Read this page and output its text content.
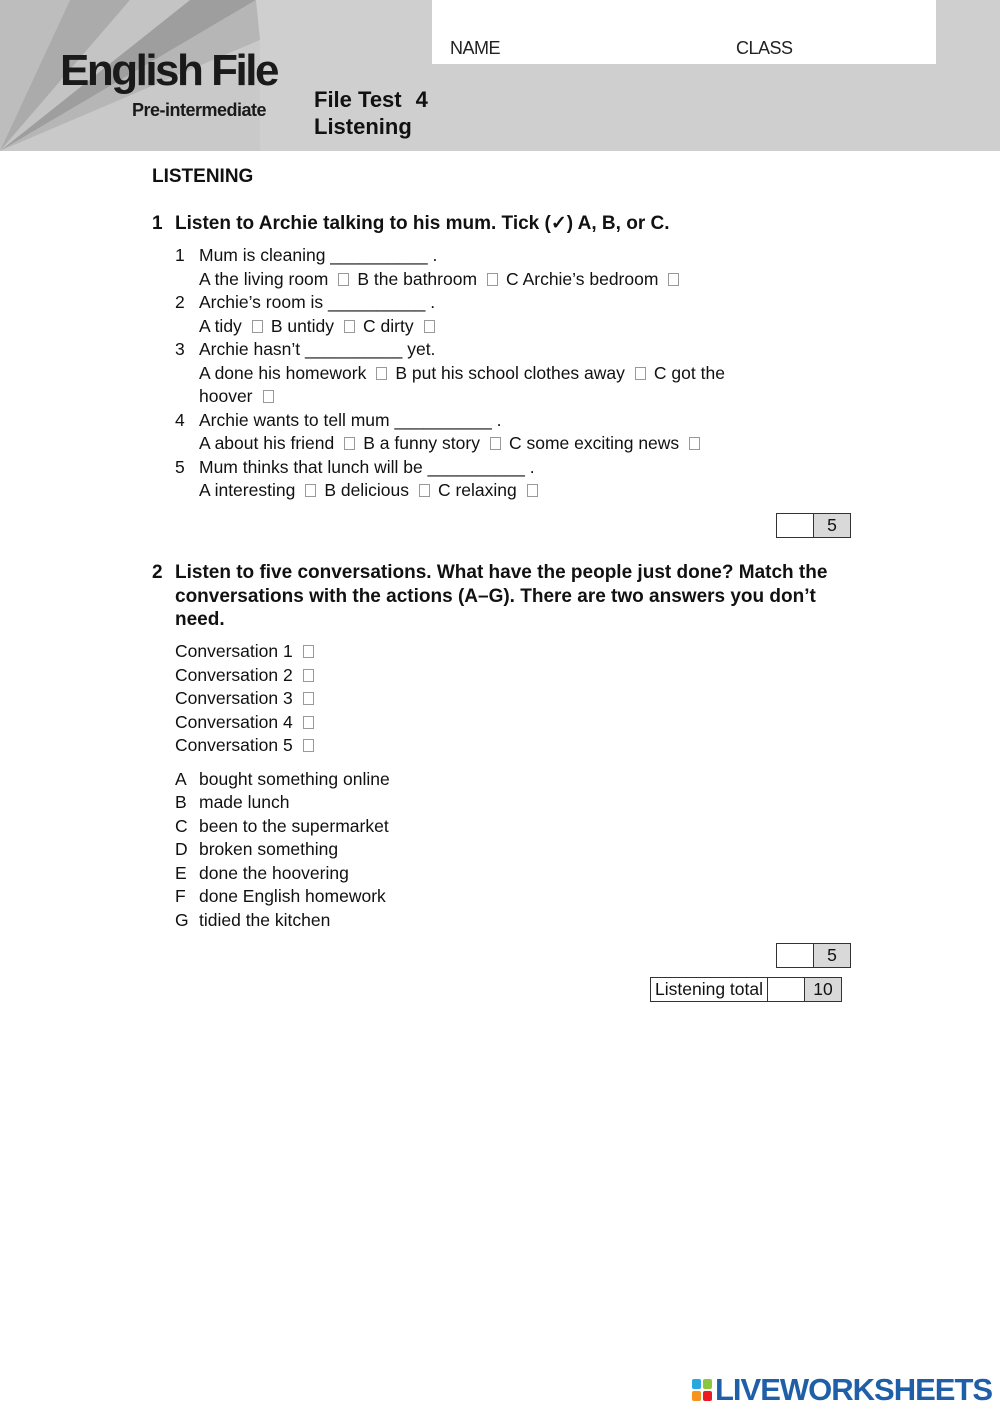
English File
Pre-intermediate
NAME	CLASS
File Test 4
Listening
LISTENING
1 Listen to Archie talking to his mum. Tick (✓) A, B, or C.
1 Mum is cleaning __________ .
A the living room B the bathroom C Archie’s bedroom
2 Archie’s room is __________ .
A tidy B untidy C dirty
3 Archie hasn’t __________ yet.
A done his homework B put his school clothes away C got the
hoover
4 Archie wants to tell mum __________ .
A about his friend B a funny story C some exciting news
5 Mum thinks that lunch will be __________ .
A interesting B delicious C relaxing
5
2 Listen to five conversations. What have the people just done? Match the conversations with the actions (A–G). There are two answers you don’t need.
Conversation 1
Conversation 2
Conversation 3
Conversation 4
Conversation 5
A bought something online
B made lunch
C been to the supermarket
D broken something
E done the hoovering
F done English homework
G tidied the kitchen
5
Listening total	10
LIVEWORKSHEETS
